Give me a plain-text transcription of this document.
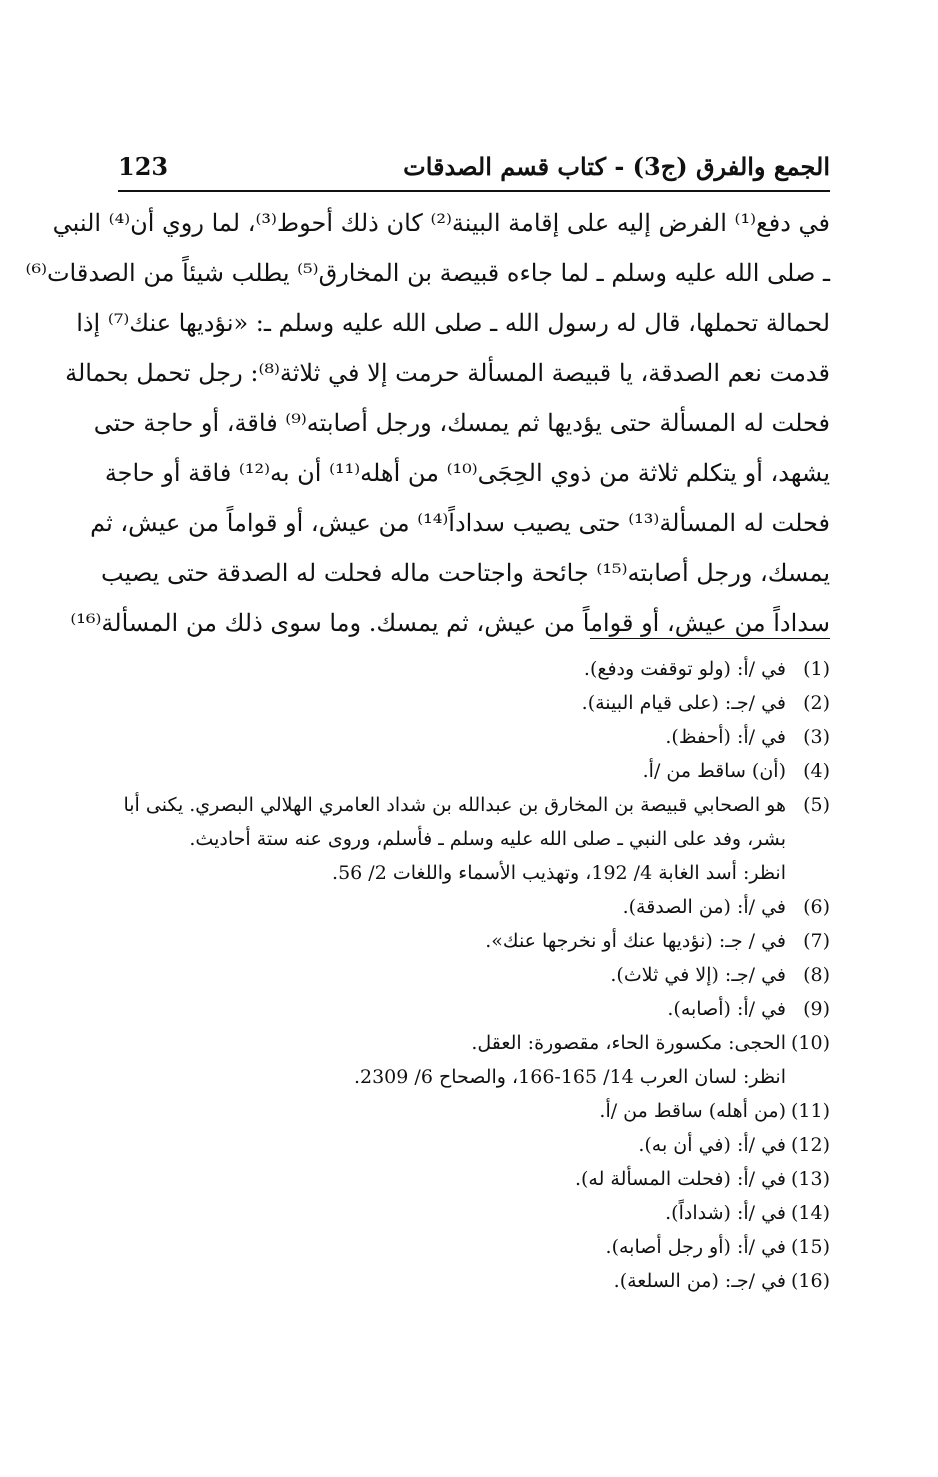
الجمع والفرق (ج3) - كتاب قسم الصدقات
123
في دفع⁽¹⁾ الفرض إليه على إقامة البينة⁽²⁾ كان ذلك أحوط⁽³⁾، لما روي أن⁽⁴⁾ النبي
ـ صلى الله عليه وسلم ـ لما جاءه قبيصة بن المخارق⁽⁵⁾ يطلب شيئاً من الصدقات⁽⁶⁾
لحمالة تحملها، قال له رسول الله ـ صلى الله عليه وسلم ـ: «نؤديها عنك⁽⁷⁾ إذا
قدمت نعم الصدقة، يا قبيصة المسألة حرمت إلا في ثلاثة⁽⁸⁾: رجل تحمل بحمالة
فحلت له المسألة حتى يؤديها ثم يمسك، ورجل أصابته⁽⁹⁾ فاقة، أو حاجة حتى
يشهد، أو يتكلم ثلاثة من ذوي الحِجَى⁽¹⁰⁾ من أهله⁽¹¹⁾ أن به⁽¹²⁾ فاقة أو حاجة
فحلت له المسألة⁽¹³⁾ حتى يصيب سداداً⁽¹⁴⁾ من عيش، أو قواماً من عيش، ثم
يمسك، ورجل أصابته⁽¹⁵⁾ جائحة واجتاحت ماله فحلت له الصدقة حتى يصيب
سداداً من عيش، أو قواماً من عيش، ثم يمسك. وما سوى ذلك من المسألة⁽¹⁶⁾
(1)
في /أ: (ولو توقفت ودفع).
(2)
في /جـ: (على قيام البينة).
(3)
في /أ: (أحفظ).
(4)
(أن) ساقط من /أ.
(5)
هو الصحابي قبيصة بن المخارق بن عبدالله بن شداد العامري الهلالي البصري. يكنى أبا
بشر، وفد على النبي ـ صلى الله عليه وسلم ـ فأسلم، وروى عنه ستة أحاديث.
انظر: أسد الغابة 4/ 192، وتهذيب الأسماء واللغات 2/ 56.
(6)
في /أ: (من الصدقة).
(7)
في / جـ: (نؤديها عنك أو نخرجها عنك».
(8)
في /جـ: (إلا في ثلاث).
(9)
في /أ: (أصابه).
(10)
الحجى: مكسورة الحاء، مقصورة: العقل.
انظر: لسان العرب 14/ 165-166، والصحاح 6/ 2309.
(11)
(من أهله) ساقط من /أ.
(12)
في /أ: (في أن به).
(13)
في /أ: (فحلت المسألة له).
(14)
في /أ: (شداداً).
(15)
في /أ: (أو رجل أصابه).
(16)
في /جـ: (من السلعة).
